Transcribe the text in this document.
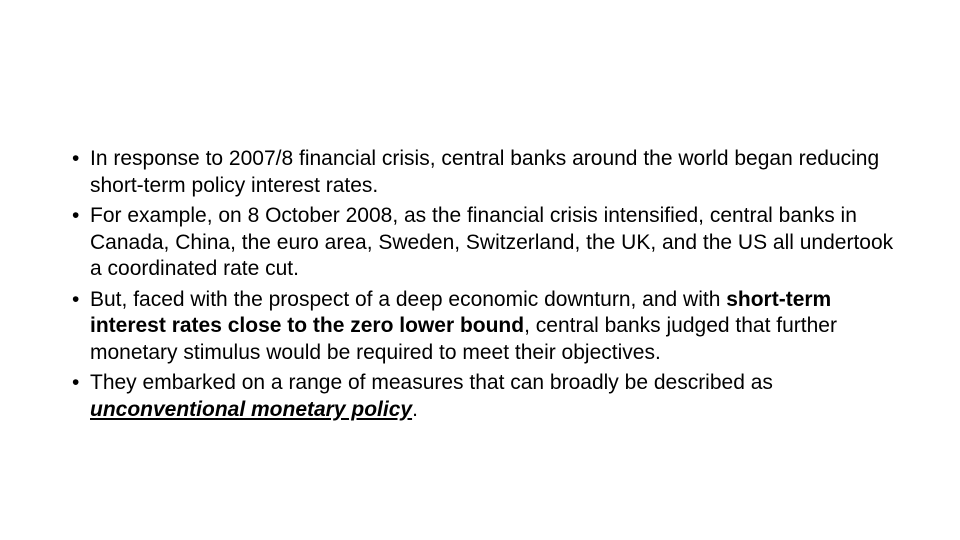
• In response to 2007/8 financial crisis, central banks around the world began reducing short-term policy interest rates.
• For example, on 8 October 2008, as the financial crisis intensified, central banks in Canada, China, the euro area, Sweden, Switzerland, the UK, and the US all undertook a coordinated rate cut.
• But, faced with the prospect of a deep economic downturn, and with short-term interest rates close to the zero lower bound, central banks judged that further monetary stimulus would be required to meet their objectives.
• They embarked on a range of measures that can broadly be described as unconventional monetary policy.
